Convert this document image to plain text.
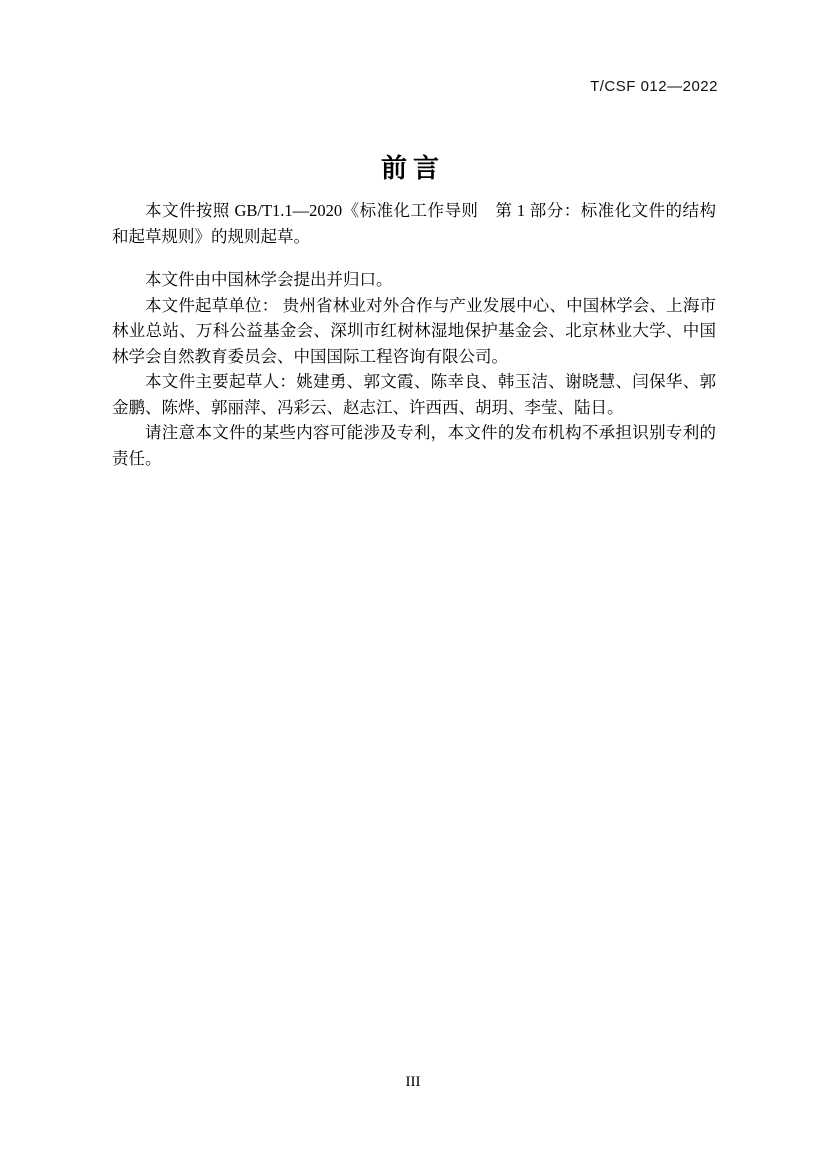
T/CSF 012—2022
前言

本文件按照 GB/T1.1—2020《标准化工作导则　第 1 部分：标准化文件的结构和起草规则》的规则起草。

本文件由中国林学会提出并归口。

本文件起草单位： 贵州省林业对外合作与产业发展中心、中国林学会、上海市林业总站、万科公益基金会、深圳市红树林湿地保护基金会、北京林业大学、中国林学会自然教育委员会、中国国际工程咨询有限公司。

本文件主要起草人：姚建勇、郭文霞、陈幸良、韩玉洁、谢晓慧、闫保华、郭金鹏、陈烨、郭丽萍、冯彩云、赵志江、许西西、胡玥、李莹、陆日。

请注意本文件的某些内容可能涉及专利，本文件的发布机构不承担识别专利的责任。

III
